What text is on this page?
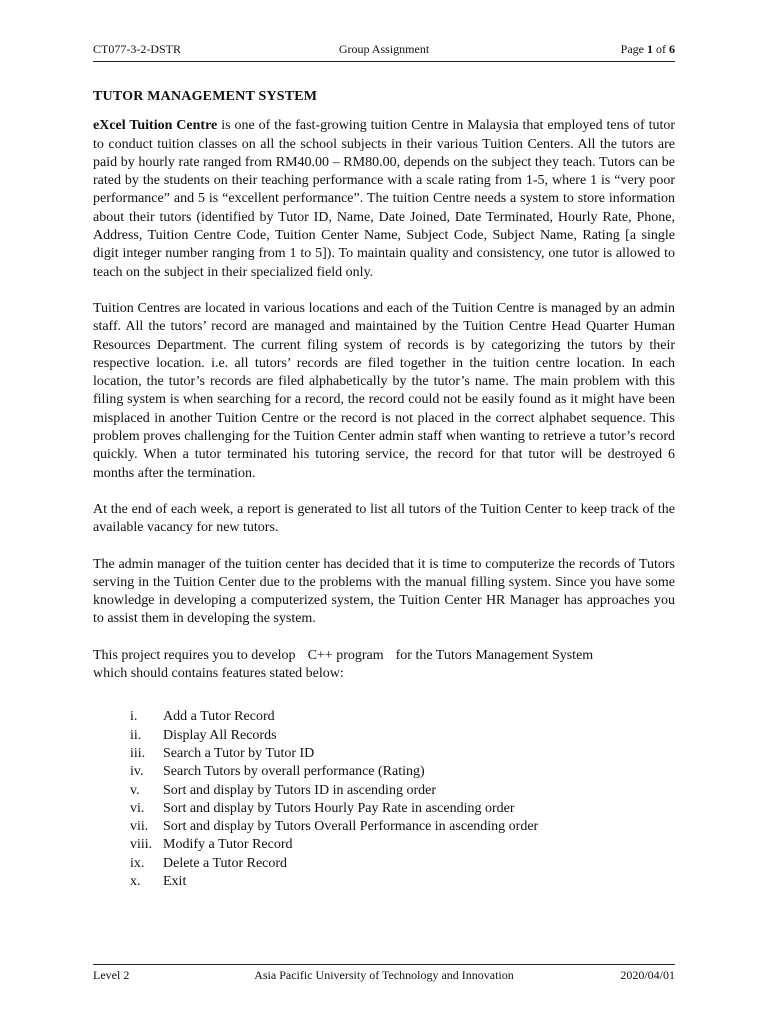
CT077-3-2-DSTR	Group Assignment	Page 1 of 6
TUTOR MANAGEMENT SYSTEM

eXcel Tuition Centre is one of the fast-growing tuition Centre in Malaysia that employed tens of tutor to conduct tuition classes on all the school subjects in their various Tuition Centers. All the tutors are paid by hourly rate ranged from RM40.00 – RM80.00, depends on the subject they teach. Tutors can be rated by the students on their teaching performance with a scale rating from 1-5, where 1 is “very poor performance” and 5 is “excellent performance”. The tuition Centre needs a system to store information about their tutors (identified by Tutor ID, Name, Date Joined, Date Terminated, Hourly Rate, Phone, Address, Tuition Centre Code, Tuition Center Name, Subject Code, Subject Name, Rating [a single digit integer number ranging from 1 to 5]). To maintain quality and consistency, one tutor is allowed to teach on the subject in their specialized field only.

Tuition Centres are located in various locations and each of the Tuition Centre is managed by an admin staff. All the tutors’ record are managed and maintained by the Tuition Centre Head Quarter Human Resources Department. The current filing system of records is by categorizing the tutors by their respective location. i.e. all tutors’ records are filed together in the tuition centre location. In each location, the tutor’s records are filed alphabetically by the tutor’s name. The main problem with this filing system is when searching for a record, the record could not be easily found as it might have been misplaced in another Tuition Centre or the record is not placed in the correct alphabet sequence. This problem proves challenging for the Tuition Center admin staff when wanting to retrieve a tutor’s record quickly. When a tutor terminated his tutoring service, the record for that tutor will be destroyed 6 months after the termination.

At the end of each week, a report is generated to list all tutors of the Tuition Center to keep track of the available vacancy for new tutors.

The admin manager of the tuition center has decided that it is time to computerize the records of Tutors serving in the Tuition Center due to the problems with the manual filling system. Since you have some knowledge in developing a computerized system, the Tuition Center HR Manager has approaches you to assist them in developing the system.

This project requires you to develop C++ program for the Tutors Management System
which should contains features stated below:
i.	Add a Tutor Record
ii.	Display All Records
iii.	Search a Tutor by Tutor ID
iv.	Search Tutors by overall performance (Rating)
v.	Sort and display by Tutors ID in ascending order
vi.	Sort and display by Tutors Hourly Pay Rate in ascending order
vii.	Sort and display by Tutors Overall Performance in ascending order
viii. Modify a Tutor Record
ix.	Delete a Tutor Record
x.	Exit
Level 2	Asia Pacific University of Technology and Innovation	2020/04/01
